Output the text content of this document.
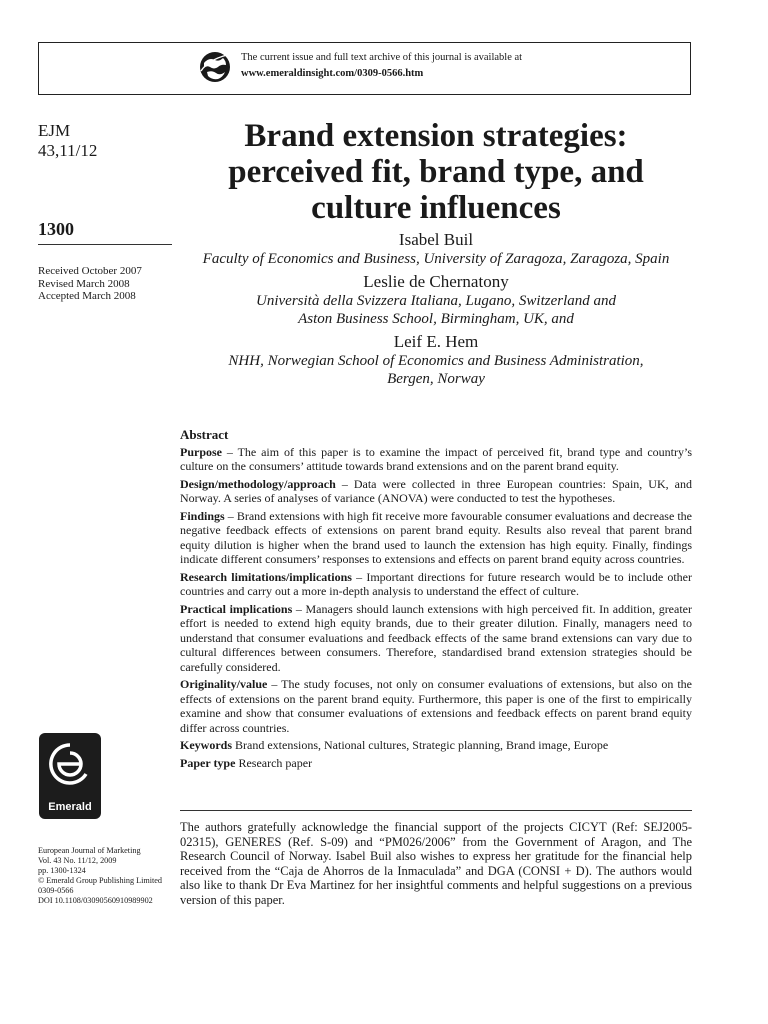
The current issue and full text archive of this journal is available at
www.emeraldinsight.com/0309-0566.htm
EJM
43,11/12
1300
Received October 2007
Revised March 2008
Accepted March 2008
Brand extension strategies:
perceived fit, brand type, and
culture influences
Isabel Buil
Faculty of Economics and Business, University of Zaragoza, Zaragoza, Spain
Leslie de Chernatony
Università della Svizzera Italiana, Lugano, Switzerland and
Aston Business School, Birmingham, UK, and
Leif E. Hem
NHH, Norwegian School of Economics and Business Administration,
Bergen, Norway
Abstract

Purpose – The aim of this paper is to examine the impact of perceived fit, brand type and country’s culture on the consumers’ attitude towards brand extensions and on the parent brand equity.

Design/methodology/approach – Data were collected in three European countries: Spain, UK, and Norway. A series of analyses of variance (ANOVA) were conducted to test the hypotheses.

Findings – Brand extensions with high fit receive more favourable consumer evaluations and decrease the negative feedback effects of extensions on parent brand equity. Results also reveal that parent brand equity dilution is higher when the brand used to launch the extension has high equity. Finally, findings indicate different consumers’ responses to extensions and effects on parent brand equity across countries.

Research limitations/implications – Important directions for future research would be to include other countries and carry out a more in-depth analysis to understand the effect of culture.

Practical implications – Managers should launch extensions with high perceived fit. In addition, greater effort is needed to extend high equity brands, due to their greater dilution. Finally, managers need to understand that consumer evaluations and feedback effects of the same brand extensions can vary due to cultural differences between consumers. Therefore, standardised brand extension strategies should be carefully considered.

Originality/value – The study focuses, not only on consumer evaluations of extensions, but also on the effects of extensions on the parent brand equity. Furthermore, this paper is one of the first to empirically examine and show that consumer evaluations of extensions and feedback effects on parent brand equity differ across countries.

Keywords Brand extensions, National cultures, Strategic planning, Brand image, Europe

Paper type Research paper

Emerald
European Journal of Marketing
Vol. 43 No. 11/12, 2009
pp. 1300-1324
© Emerald Group Publishing Limited
0309-0566
DOI 10.1108/03090560910989902
The authors gratefully acknowledge the financial support of the projects CICYT (Ref: SEJ2005-02315), GENERES (Ref. S-09) and “PM026/2006” from the Government of Aragon, and The Research Council of Norway. Isabel Buil also wishes to express her gratitude for the financial help received from the “Caja de Ahorros de la Inmaculada” and DGA (CONSI + D). The authors would also like to thank Dr Eva Martinez for her insightful comments and helpful suggestions on a previous version of this paper.
